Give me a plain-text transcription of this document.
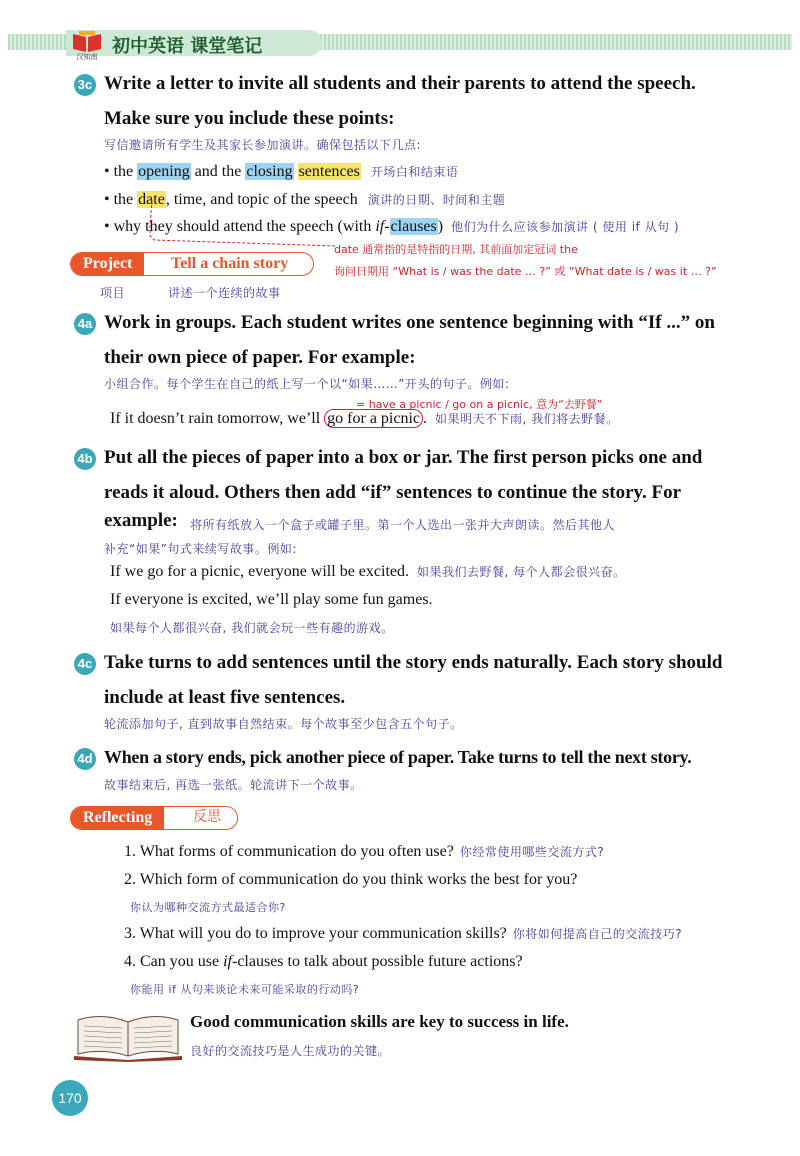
汉知南 初中英语 课堂笔记
3c Write a letter to invite all students and their parents to attend the speech.
Make sure you include these points:
写信邀请所有学生及其家长参加演讲。确保包括以下几点:
• the opening and the closing sentences 开场白和结束语
• the date, time, and topic of the speech 演讲的日期、时间和主题
• why they should attend the speech (with if-clauses) 他们为什么应该参加演讲 ( 使用 if 从句 )
date 通常指的是特指的日期, 其前面加定冠词 the
询问日期用 “What is / was the date … ?” 或 “What date is / was it … ?”
Project	Tell a chain story
项目	讲述一个连续的故事
4a Work in groups. Each student writes one sentence beginning with “If ...” on
their own piece of paper. For example:
小组合作。每个学生在自己的纸上写一个以“如果……”开头的句子。例如:
= have a picnic / go on a picnic, 意为“去野餐”
If it doesn’t rain tomorrow, we’ll go for a picnic . 如果明天不下雨, 我们将去野餐。
4b Put all the pieces of paper into a box or jar. The first person picks one and
reads it aloud. Others then add “if” sentences to continue the story. For
example: 将所有纸放入一个盒子或罐子里。第一个人选出一张并大声朗读。然后其他人
补充“如果”句式来续写故事。例如:
If we go for a picnic, everyone will be excited. 如果我们去野餐, 每个人都会很兴奋。
If everyone is excited, we’ll play some fun games.
如果每个人都很兴奋, 我们就会玩一些有趣的游戏。
4c Take turns to add sentences until the story ends naturally. Each story should
include at least five sentences.
轮流添加句子, 直到故事自然结束。每个故事至少包含五个句子。
4d When a story ends, pick another piece of paper. Take turns to tell the next story.
故事结束后, 再选一张纸。轮流讲下一个故事。
Reflecting	反思
1. What forms of communication do you often use? 你经常使用哪些交流方式?
2. Which form of communication do you think works the best for you?
你认为哪种交流方式最适合你?
3. What will you do to improve your communication skills? 你将如何提高自己的交流技巧?
4. Can you use if-clauses to talk about possible future actions?
你能用 if 从句来谈论未来可能采取的行动吗?
Good communication skills are key to success in life.
良好的交流技巧是人生成功的关键。
170
